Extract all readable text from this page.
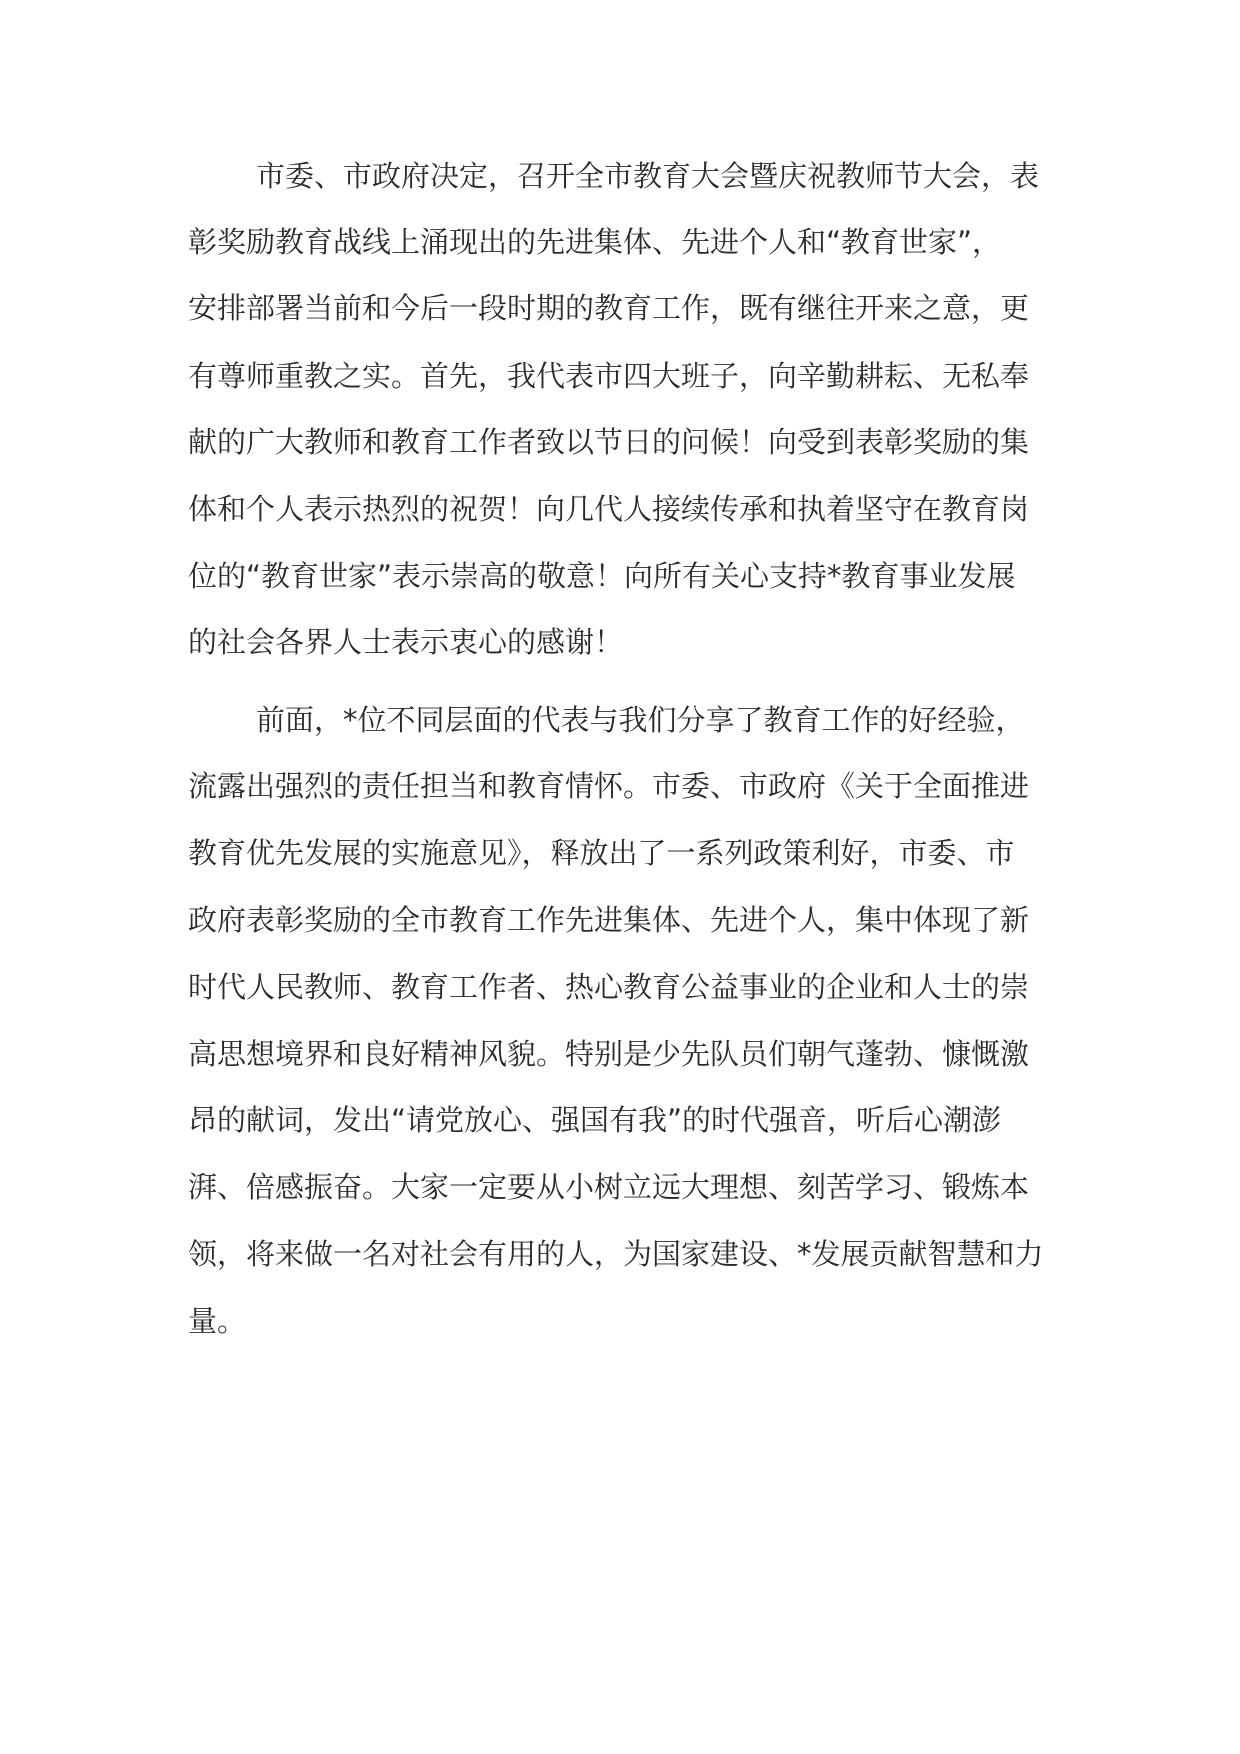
市委、市政府决定，召开全市教育大会暨庆祝教师节大会，表
彰奖励教育战线上涌现出的先进集体、先进个人和“教育世家”，
安排部署当前和今后一段时期的教育工作，既有继往开来之意，更
有尊师重教之实。首先，我代表市四大班子，向辛勤耕耘、无私奉
献的广大教师和教育工作者致以节日的问候！向受到表彰奖励的集
体和个人表示热烈的祝贺！向几代人接续传承和执着坚守在教育岗
位的“教育世家”表示崇高的敬意！向所有关心支持*教育事业发展
的社会各界人士表示衷心的感谢！
前面，*位不同层面的代表与我们分享了教育工作的好经验，
流露出强烈的责任担当和教育情怀。市委、市政府《关于全面推进
教育优先发展的实施意见》，释放出了一系列政策利好，市委、市
政府表彰奖励的全市教育工作先进集体、先进个人，集中体现了新
时代人民教师、教育工作者、热心教育公益事业的企业和人士的崇
高思想境界和良好精神风貌。特别是少先队员们朝气蓬勃、慷慨激
昂的献词，发出“请党放心、强国有我”的时代强音，听后心潮澎
湃、倍感振奋。大家一定要从小树立远大理想、刻苦学习、锻炼本
领，将来做一名对社会有用的人，为国家建设、*发展贡献智慧和力
量。
